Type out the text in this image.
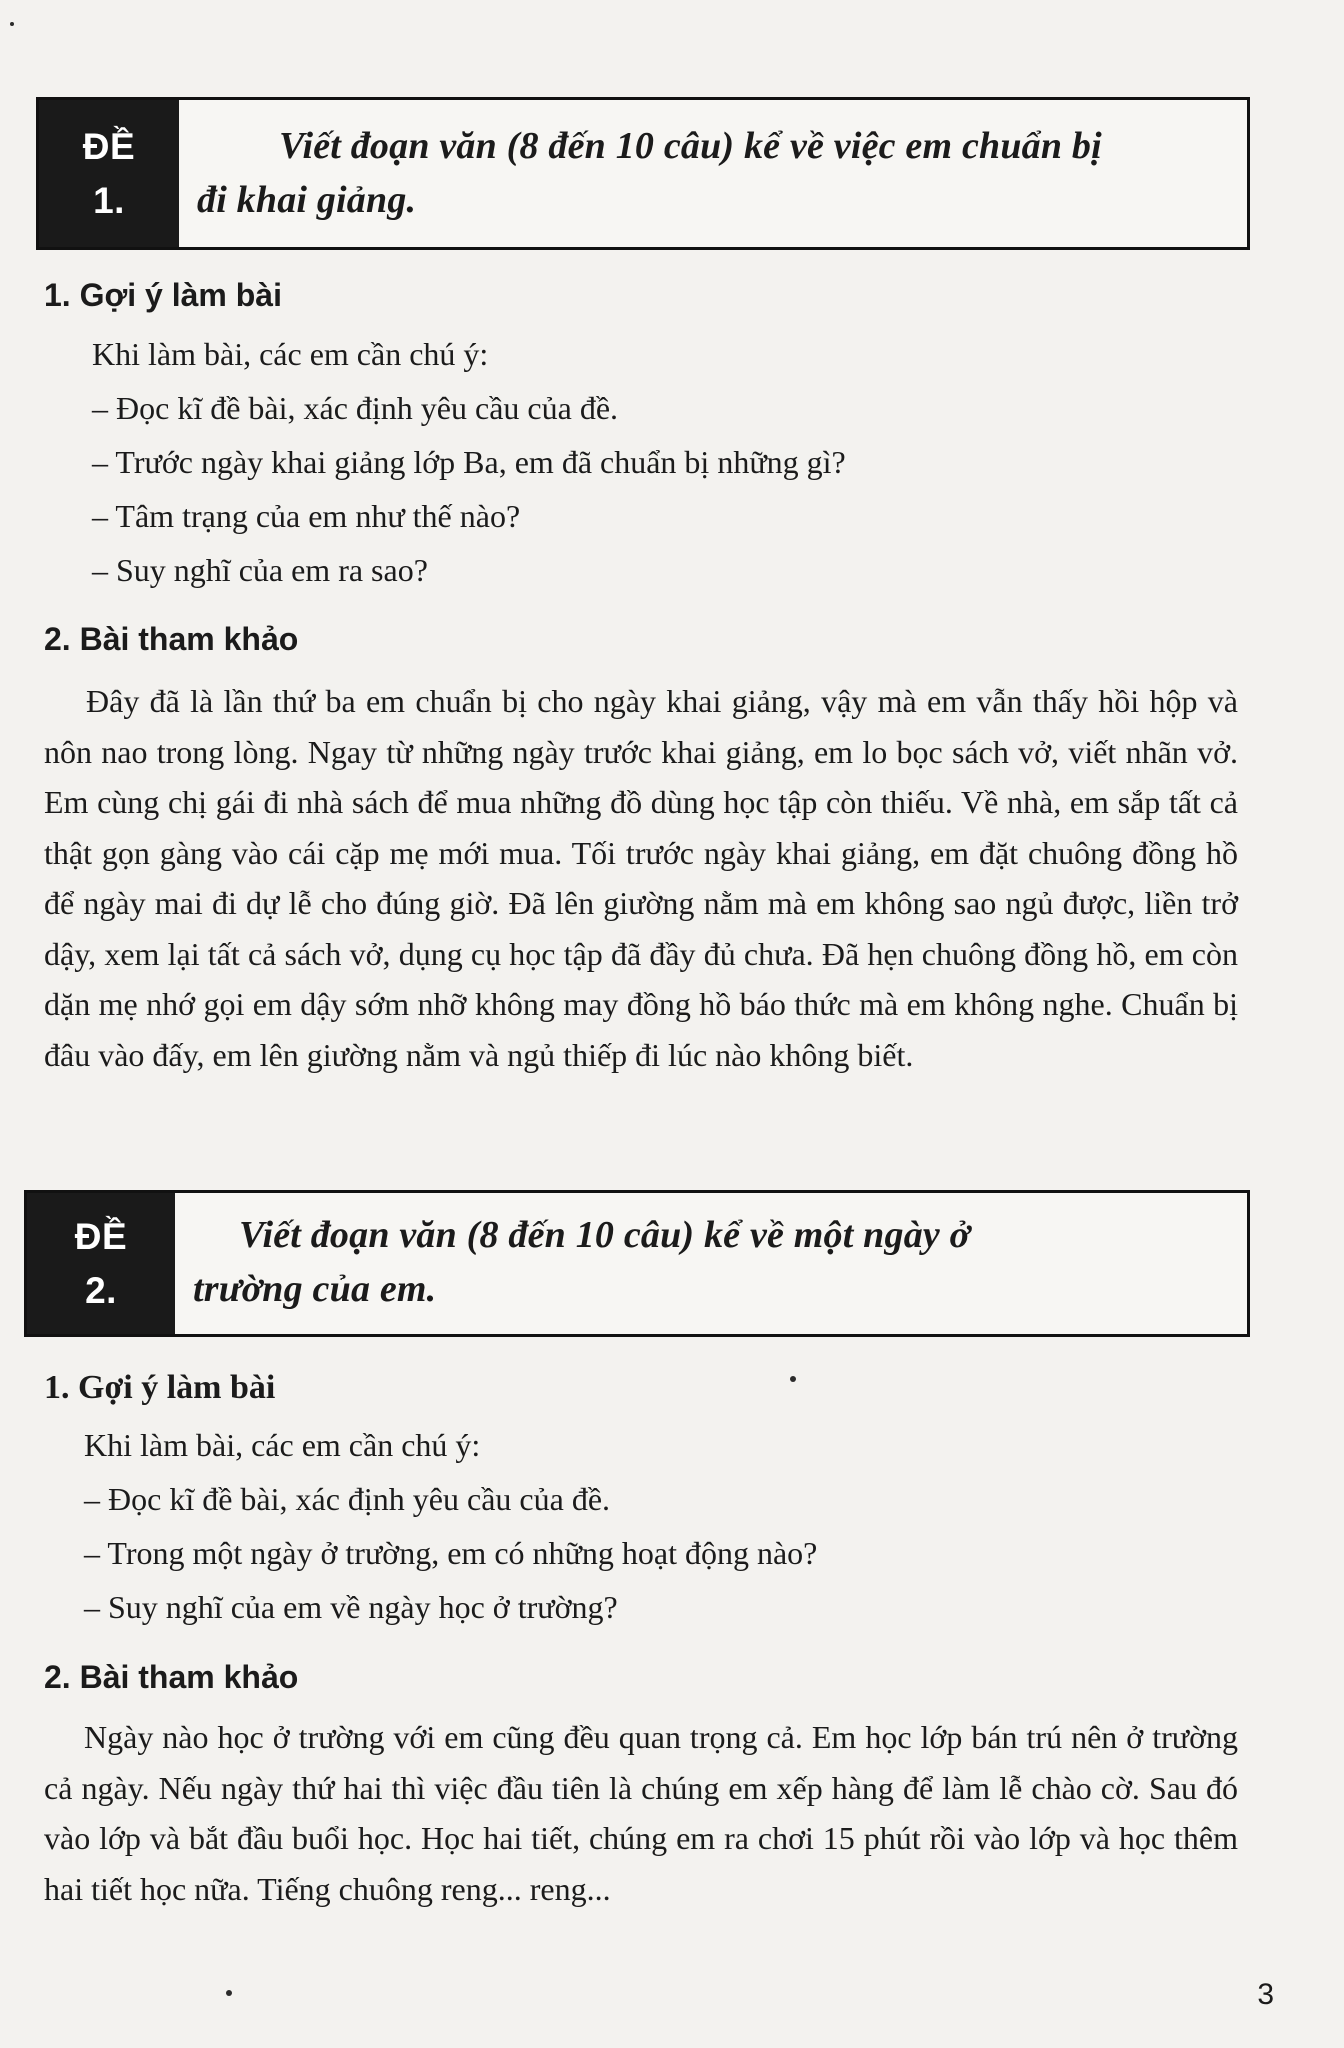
ĐỀ
1.
Viết đoạn văn (8 đến 10 câu) kể về việc em chuẩn bị
đi khai giảng.
1. Gợi ý làm bài
Khi làm bài, các em cần chú ý:
– Đọc kĩ đề bài, xác định yêu cầu của đề.
– Trước ngày khai giảng lớp Ba, em đã chuẩn bị những gì?
– Tâm trạng của em như thế nào?
– Suy nghĩ của em ra sao?
2. Bài tham khảo
Đây đã là lần thứ ba em chuẩn bị cho ngày khai giảng, vậy mà em vẫn thấy hồi hộp và nôn nao trong lòng. Ngay từ những ngày trước khai giảng, em lo bọc sách vở, viết nhãn vở. Em cùng chị gái đi nhà sách để mua những đồ dùng học tập còn thiếu. Về nhà, em sắp tất cả thật gọn gàng vào cái cặp mẹ mới mua. Tối trước ngày khai giảng, em đặt chuông đồng hồ để ngày mai đi dự lễ cho đúng giờ. Đã lên giường nằm mà em không sao ngủ được, liền trở dậy, xem lại tất cả sách vở, dụng cụ học tập đã đầy đủ chưa. Đã hẹn chuông đồng hồ, em còn dặn mẹ nhớ gọi em dậy sớm nhỡ không may đồng hồ báo thức mà em không nghe. Chuẩn bị đâu vào đấy, em lên giường nằm và ngủ thiếp đi lúc nào không biết.
ĐỀ
2.
Viết đoạn văn (8 đến 10 câu) kể về một ngày ở
trường của em.
1. Gợi ý làm bài
Khi làm bài, các em cần chú ý:
– Đọc kĩ đề bài, xác định yêu cầu của đề.
– Trong một ngày ở trường, em có những hoạt động nào?
– Suy nghĩ của em về ngày học ở trường?
2. Bài tham khảo
Ngày nào học ở trường với em cũng đều quan trọng cả. Em học lớp bán trú nên ở trường cả ngày. Nếu ngày thứ hai thì việc đầu tiên là chúng em xếp hàng để làm lễ chào cờ. Sau đó vào lớp và bắt đầu buổi học. Học hai tiết, chúng em ra chơi 15 phút rồi vào lớp và học thêm hai tiết học nữa. Tiếng chuông reng... reng...
3
